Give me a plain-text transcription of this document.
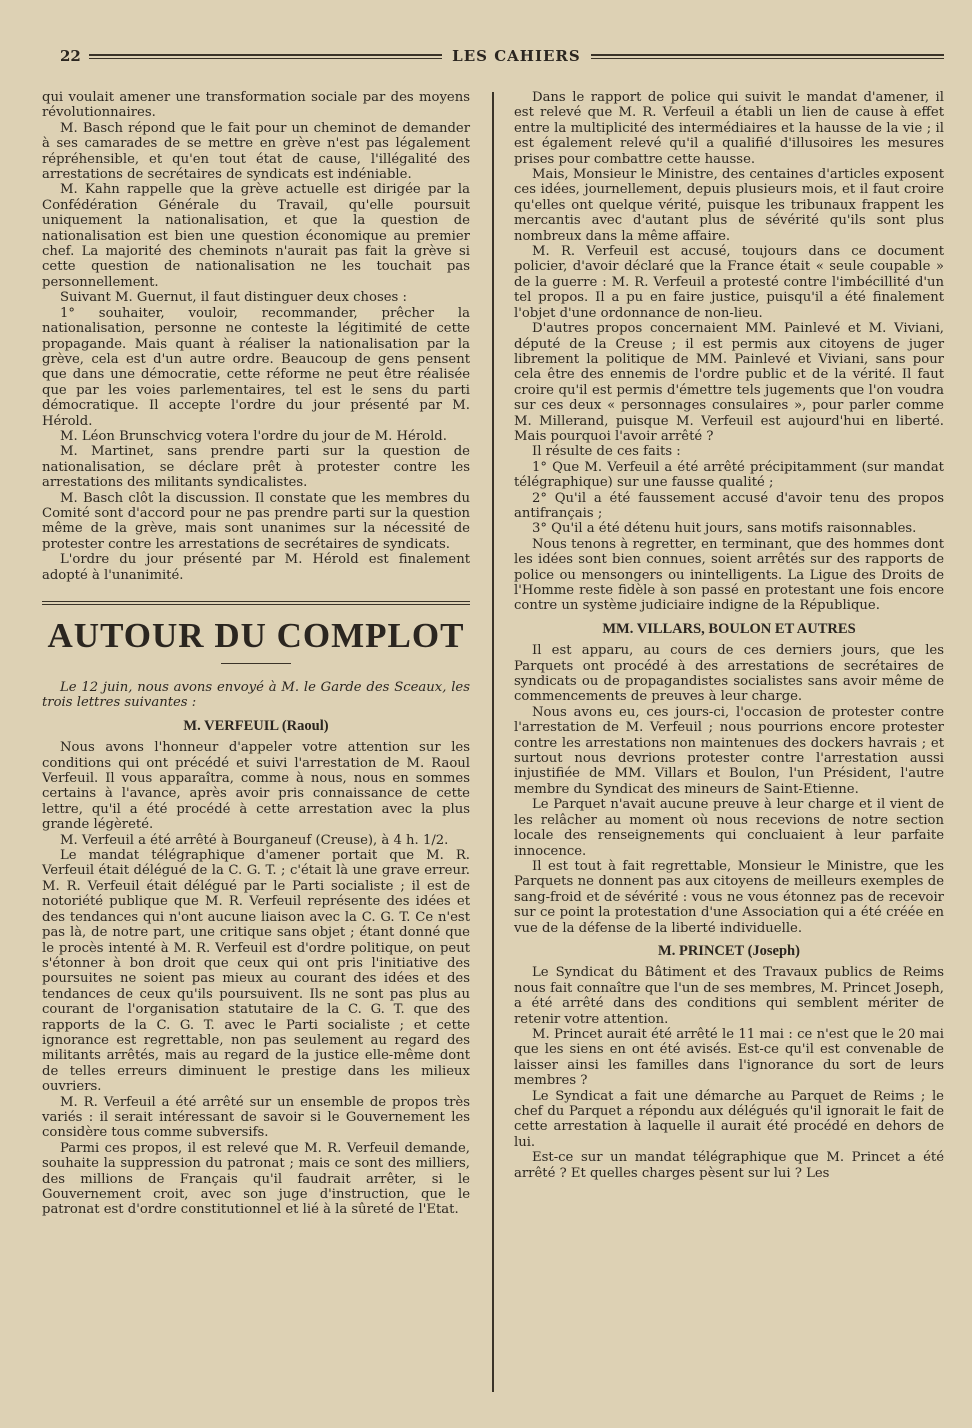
22	LES CAHIERS

qui voulait amener une transformation sociale par des moyens révolutionnaires.

M. Basch répond que le fait pour un cheminot de demander à ses camarades de se mettre en grève n'est pas légalement répréhensible, et qu'en tout état de cause, l'illégalité des arrestations de secrétaires de syndicats est indéniable.

M. Kahn rappelle que la grève actuelle est dirigée par la Confédération Générale du Travail, qu'elle poursuit uniquement la nationalisation, et que la question de nationalisation est bien une question économique au premier chef. La majorité des cheminots n'aurait pas fait la grève si cette question de nationalisation ne les touchait pas personnellement.

Suivant M. Guernut, il faut distinguer deux choses :

1° souhaiter, vouloir, recommander, prêcher la nationalisation, personne ne conteste la légitimité de cette propagande. Mais quant à réaliser la nationalisation par la grève, cela est d'un autre ordre. Beaucoup de gens pensent que dans une démocratie, cette réforme ne peut être réalisée que par les voies parlementaires, tel est le sens du parti démocratique. Il accepte l'ordre du jour présenté par M. Hérold.

M. Léon Brunschvicg votera l'ordre du jour de M. Hérold.

M. Martinet, sans prendre parti sur la question de nationalisation, se déclare prêt à protester contre les arrestations des militants syndicalistes.

M. Basch clôt la discussion. Il constate que les membres du Comité sont d'accord pour ne pas prendre parti sur la question même de la grève, mais sont unanimes sur la nécessité de protester contre les arrestations de secrétaires de syndicats.

L'ordre du jour présenté par M. Hérold est finalement adopté à l'unanimité.

AUTOUR DU COMPLOT

Le 12 juin, nous avons envoyé à M. le Garde des Sceaux, les trois lettres suivantes :

M. VERFEUIL (Raoul)

Nous avons l'honneur d'appeler votre attention sur les conditions qui ont précédé et suivi l'arrestation de M. Raoul Verfeuil. Il vous apparaîtra, comme à nous, nous en sommes certains à l'avance, après avoir pris connaissance de cette lettre, qu'il a été procédé à cette arrestation avec la plus grande légèreté.

M. Verfeuil a été arrêté à Bourganeuf (Creuse), à 4 h. 1/2.

Le mandat télégraphique d'amener portait que M. R. Verfeuil était délégué de la C. G. T. ; c'était là une grave erreur. M. R. Verfeuil était délégué par le Parti socialiste ; il est de notoriété publique que M. R. Verfeuil représente des idées et des tendances qui n'ont aucune liaison avec la C. G. T. Ce n'est pas là, de notre part, une critique sans objet ; étant donné que le procès intenté à M. R. Verfeuil est d'ordre politique, on peut s'étonner à bon droit que ceux qui ont pris l'initiative des poursuites ne soient pas mieux au courant des idées et des tendances de ceux qu'ils poursuivent. Ils ne sont pas plus au courant de l'organisation statutaire de la C. G. T. que des rapports de la C. G. T. avec le Parti socialiste ; et cette ignorance est regrettable, non pas seulement au regard des militants arrêtés, mais au regard de la justice elle-même dont de telles erreurs diminuent le prestige dans les milieux ouvriers.

M. R. Verfeuil a été arrêté sur un ensemble de propos très variés : il serait intéressant de savoir si le Gouvernement les considère tous comme subversifs.

Parmi ces propos, il est relevé que M. R. Verfeuil demande, souhaite la suppression du patronat ; mais ce sont des milliers, des millions de Français qu'il faudrait arrêter, si le Gouvernement croit, avec son juge d'instruction, que le patronat est d'ordre constitutionnel et lié à la sûreté de l'Etat.

Dans le rapport de police qui suivit le mandat d'amener, il est relevé que M. R. Verfeuil a établi un lien de cause à effet entre la multiplicité des intermédiaires et la hausse de la vie ; il est également relevé qu'il a qualifié d'illusoires les mesures prises pour combattre cette hausse.

Mais, Monsieur le Ministre, des centaines d'articles exposent ces idées, journellement, depuis plusieurs mois, et il faut croire qu'elles ont quelque vérité, puisque les tribunaux frappent les mercantis avec d'autant plus de sévérité qu'ils sont plus nombreux dans la même affaire.

M. R. Verfeuil est accusé, toujours dans ce document policier, d'avoir déclaré que la France était « seule coupable » de la guerre : M. R. Verfeuil a protesté contre l'imbécillité d'un tel propos. Il a pu en faire justice, puisqu'il a été finalement l'objet d'une ordonnance de non-lieu.

D'autres propos concernaient MM. Painlevé et M. Viviani, député de la Creuse ; il est permis aux citoyens de juger librement la politique de MM. Painlevé et Viviani, sans pour cela être des ennemis de l'ordre public et de la vérité. Il faut croire qu'il est permis d'émettre tels jugements que l'on voudra sur ces deux « personnages consulaires », pour parler comme M. Millerand, puisque M. Verfeuil est aujourd'hui en liberté. Mais pourquoi l'avoir arrêté ?

Il résulte de ces faits :

1° Que M. Verfeuil a été arrêté précipitamment (sur mandat télégraphique) sur une fausse qualité ;

2° Qu'il a été faussement accusé d'avoir tenu des propos antifrançais ;

3° Qu'il a été détenu huit jours, sans motifs raisonnables.

Nous tenons à regretter, en terminant, que des hommes dont les idées sont bien connues, soient arrêtés sur des rapports de police ou mensongers ou inintelligents. La Ligue des Droits de l'Homme reste fidèle à son passé en protestant une fois encore contre un système judiciaire indigne de la République.

MM. VILLARS, BOULON ET AUTRES

Il est apparu, au cours de ces derniers jours, que les Parquets ont procédé à des arrestations de secrétaires de syndicats ou de propagandistes socialistes sans avoir même de commencements de preuves à leur charge.

Nous avons eu, ces jours-ci, l'occasion de protester contre l'arrestation de M. Verfeuil ; nous pourrions encore protester contre les arrestations non maintenues des dockers havrais ; et surtout nous devrions protester contre l'arrestation aussi injustifiée de MM. Villars et Boulon, l'un Président, l'autre membre du Syndicat des mineurs de Saint-Etienne.

Le Parquet n'avait aucune preuve à leur charge et il vient de les relâcher au moment où nous recevions de notre section locale des renseignements qui concluaient à leur parfaite innocence.

Il est tout à fait regrettable, Monsieur le Ministre, que les Parquets ne donnent pas aux citoyens de meilleurs exemples de sang-froid et de sévérité : vous ne vous étonnez pas de recevoir sur ce point la protestation d'une Association qui a été créée en vue de la défense de la liberté individuelle.

M. PRINCET (Joseph)

Le Syndicat du Bâtiment et des Travaux publics de Reims nous fait connaître que l'un de ses membres, M. Princet Joseph, a été arrêté dans des conditions qui semblent mériter de retenir votre attention.

M. Princet aurait été arrêté le 11 mai : ce n'est que le 20 mai que les siens en ont été avisés. Est-ce qu'il est convenable de laisser ainsi les familles dans l'ignorance du sort de leurs membres ?

Le Syndicat a fait une démarche au Parquet de Reims ; le chef du Parquet a répondu aux délégués qu'il ignorait le fait de cette arrestation à laquelle il aurait été procédé en dehors de lui.

Est-ce sur un mandat télégraphique que M. Princet a été arrêté ? Et quelles charges pèsent sur lui ? Les
